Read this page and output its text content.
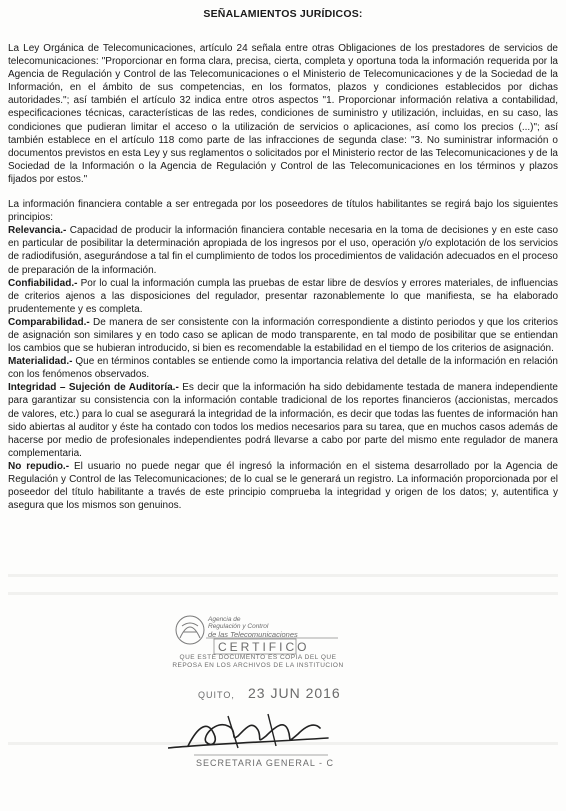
SEÑALAMIENTOS JURÍDICOS:

La Ley Orgánica de Telecomunicaciones, artículo 24 señala entre otras Obligaciones de los prestadores de servicios de telecomunicaciones: "Proporcionar en forma clara, precisa, cierta, completa y oportuna toda la información requerida por la Agencia de Regulación y Control de las Telecomunicaciones o el Ministerio de Telecomunicaciones y de la Sociedad de la Información, en el ámbito de sus competencias, en los formatos, plazos y condiciones establecidos por dichas autoridades."; así también el artículo 32 indica entre otros aspectos "1. Proporcionar información relativa a contabilidad, especificaciones técnicas, características de las redes, condiciones de suministro y utilización, incluidas, en su caso, las condiciones que pudieran limitar el acceso o la utilización de servicios o aplicaciones, así como los precios (...)"; así también establece en el artículo 118 como parte de las infracciones de segunda clase: "3. No suministrar información o documentos previstos en esta Ley y sus reglamentos o solicitados por el Ministerio rector de las Telecomunicaciones y de la Sociedad de la Información o la Agencia de Regulación y Control de las Telecomunicaciones en los términos y plazos fijados por estos."

La información financiera contable a ser entregada por los poseedores de títulos habilitantes se regirá bajo los siguientes principios:

Relevancia.- Capacidad de producir la información financiera contable necesaria en la toma de decisiones y en este caso en particular de posibilitar la determinación apropiada de los ingresos por el uso, operación y/o explotación de los servicios de radiodifusión, asegurándose a tal fin el cumplimiento de todos los procedimientos de validación adecuados en el proceso de preparación de la información.

Confiabilidad.- Por lo cual la información cumpla las pruebas de estar libre de desvíos y errores materiales, de influencias de criterios ajenos a las disposiciones del regulador, presentar razonablemente lo que manifiesta, se ha elaborado prudentemente y es completa.

Comparabilidad.- De manera de ser consistente con la información correspondiente a distinto periodos y que los criterios de asignación son similares y en todo caso se aplican de modo transparente, en tal modo de posibilitar que se entiendan los cambios que se hubieran introducido, si bien es recomendable la estabilidad en el tiempo de los criterios de asignación.

Materialidad.- Que en términos contables se entiende como la importancia relativa del detalle de la información en relación con los fenómenos observados.

Integridad – Sujeción de Auditoría.- Es decir que la información ha sido debidamente testada de manera independiente para garantizar su consistencia con la información contable tradicional de los reportes financieros (accionistas, mercados de valores, etc.) para lo cual se asegurará la integridad de la información, es decir que todas las fuentes de información han sido abiertas al auditor y éste ha contado con todos los medios necesarios para su tarea, que en muchos casos además de hacerse por medio de profesionales independientes podrá llevarse a cabo por parte del mismo ente regulador de manera complementaria.

No repudio.- El usuario no puede negar que él ingresó la información en el sistema desarrollado por la Agencia de Regulación y Control de las Telecomunicaciones; de lo cual se le generará un registro. La información proporcionada por el poseedor del título habilitante a través de este principio comprueba la integridad y origen de los datos; y, autentifica y asegura que los mismos son genuinos.

Agencia de
Regulación y Control
de las Telecomunicaciones
CERTIFICO
QUE ESTE DOCUMENTO ES COPIA DEL QUE
REPOSA EN LOS ARCHIVOS DE LA INSTITUCION
QUITO, 23 JUN 2016
SECRETARIA GENERAL - C
